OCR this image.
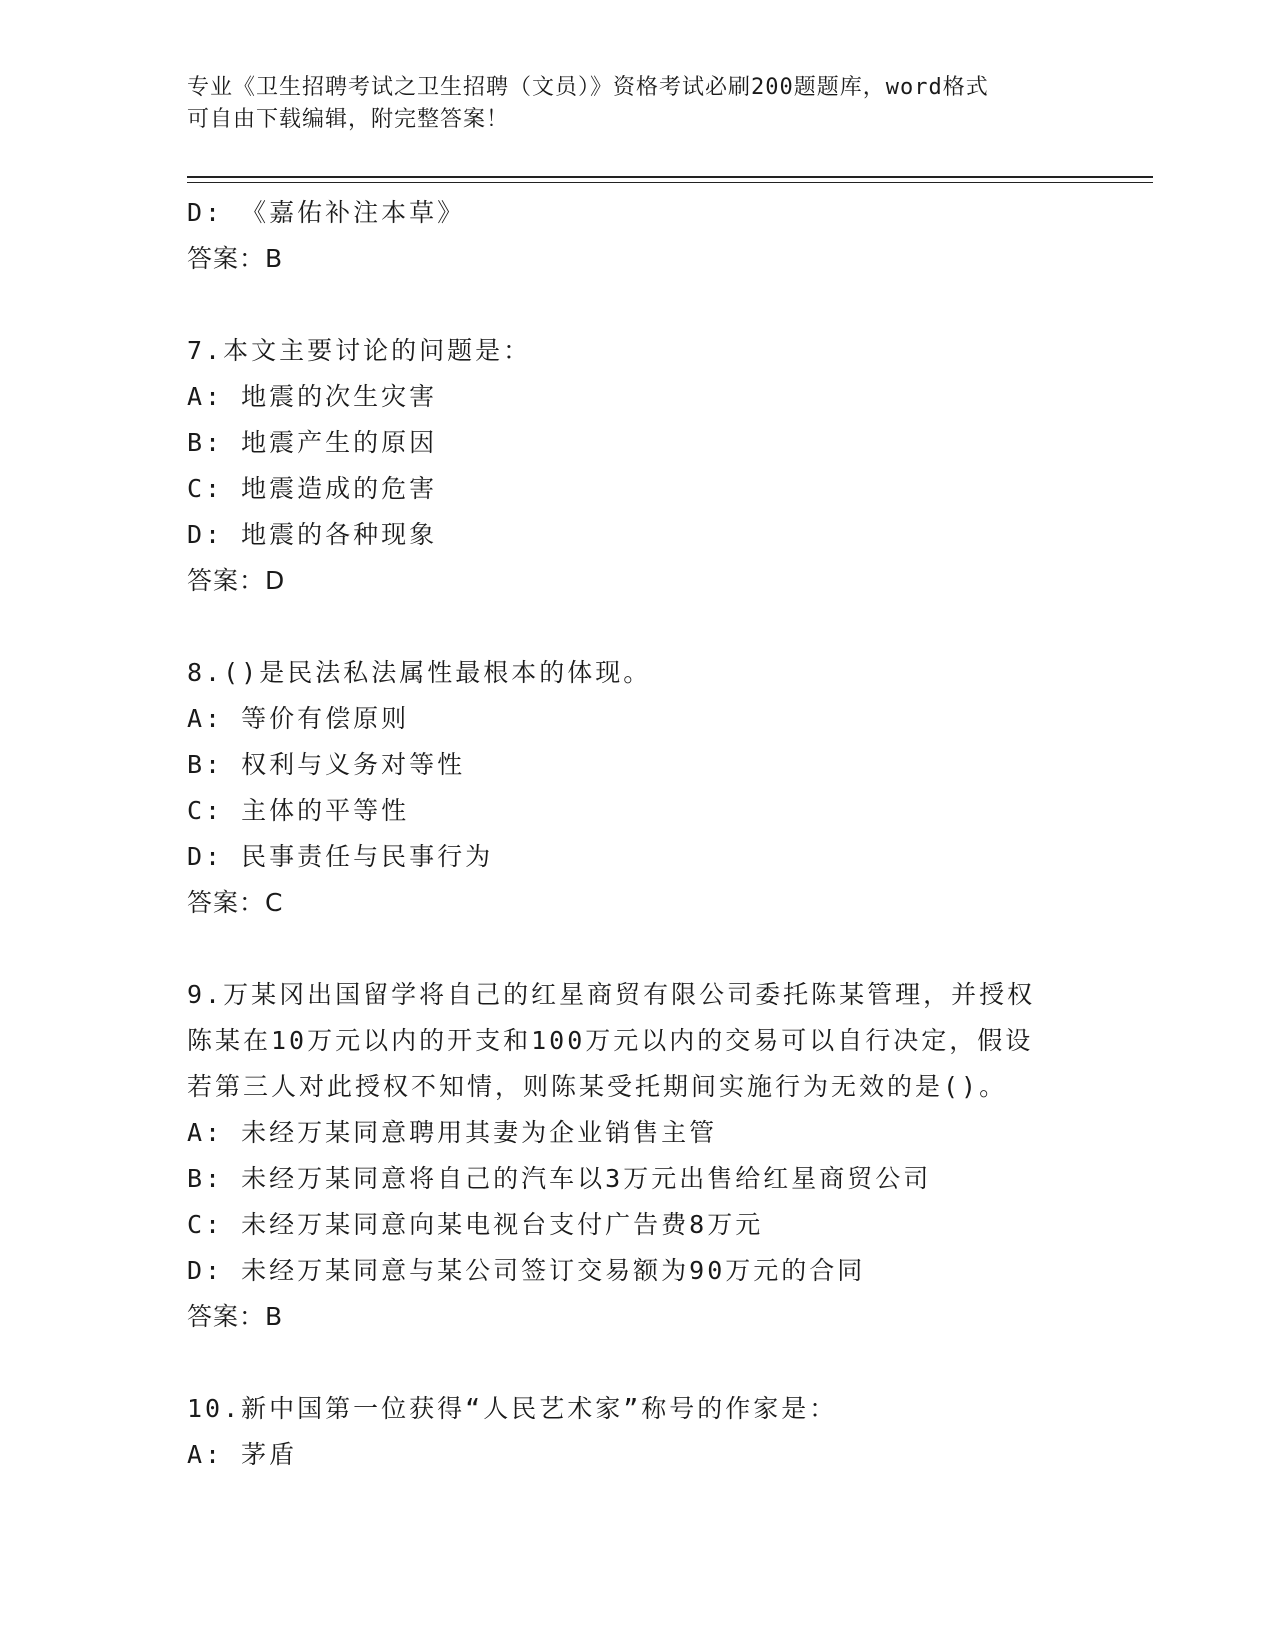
专业《卫生招聘考试之卫生招聘（文员）》资格考试必刷200题题库，word格式
可自由下载编辑，附完整答案！
D: 《嘉佑补注本草》
答案：B
7.本文主要讨论的问题是：
A: 地震的次生灾害
B: 地震产生的原因
C: 地震造成的危害
D: 地震的各种现象
答案：D
8.()是民法私法属性最根本的体现。
A: 等价有偿原则
B: 权利与义务对等性
C: 主体的平等性
D: 民事责任与民事行为
答案：C
9.万某冈出国留学将自己的红星商贸有限公司委托陈某管理，并授权
陈某在10万元以内的开支和100万元以内的交易可以自行决定，假设
若第三人对此授权不知情，则陈某受托期间实施行为无效的是()。
A: 未经万某同意聘用其妻为企业销售主管
B: 未经万某同意将自己的汽车以3万元出售给红星商贸公司
C: 未经万某同意向某电视台支付广告费8万元
D: 未经万某同意与某公司签订交易额为90万元的合同
答案：B
10.新中国第一位获得“人民艺术家”称号的作家是：
A: 茅盾
